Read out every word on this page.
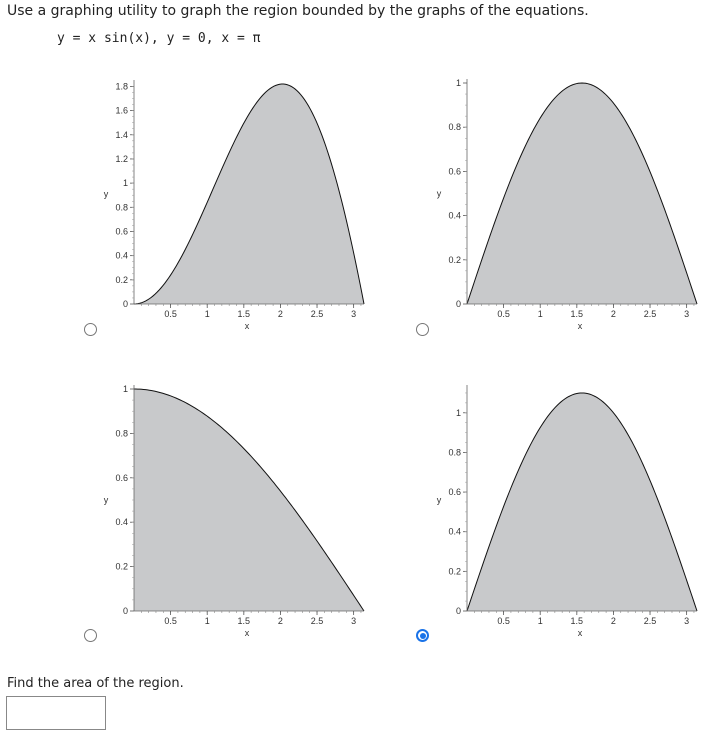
Use a graphing utility to graph the region bounded by the graphs of the equations.
y = x sin(x), y = 0, x = π
0.5	1	1.5	2	2.5	3
x
0
0.2
0.4
0.6
0.8
1
1.2
1.4
1.6
1.8
y
0.5	1	1.5	2	2.5	3
x
0
0.2
0.4
0.6
0.8
1
y
0.5	1	1.5	2	2.5	3
x
0
0.2
0.4
0.6
0.8
1
y
0.5	1	1.5	2	2.5	3
x
0
0.2
0.4
0.6
0.8
1
y
Find the area of the region.
